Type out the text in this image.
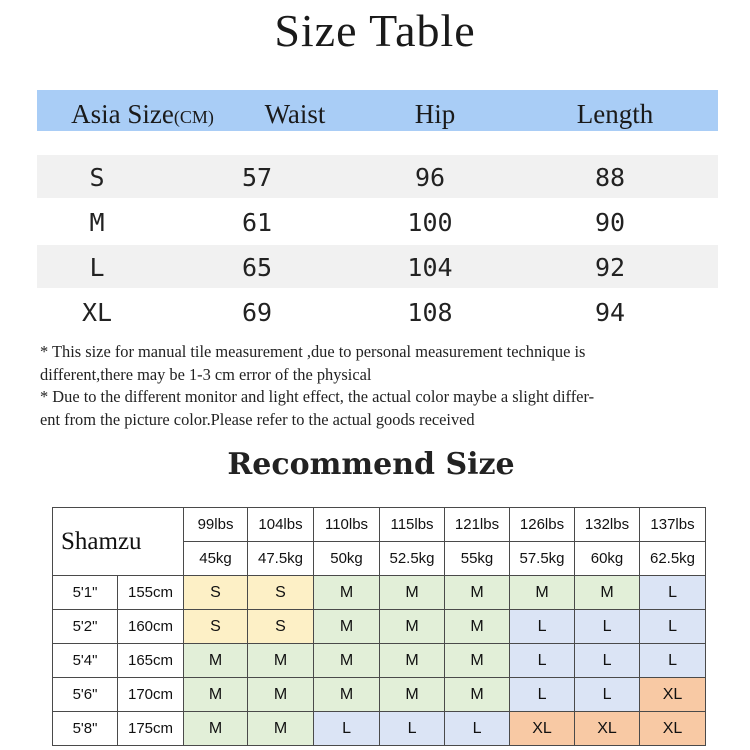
Size Table
Asia Size(CM)	Waist	Hip	Length
S	57	96	88
M	61	100	90
L	65	104	92
XL	69	108	94
* This size for manual tile measurement ,due to personal measurement technique is
different,there may be 1-3 cm error of the physical
* Due to the different monitor and light effect, the actual color maybe a slight differ-
ent from the picture color.Please refer to the actual goods received
Recommend Size
Shamzu		99lbs	104lbs	110lbs	115lbs	121lbs	126lbs	132lbs	137lbs
		45kg	47.5kg	50kg	52.5kg	55kg	57.5kg	60kg	62.5kg
5'1"	155cm	S	S	M	M	M	M	M	L
5'2"	160cm	S	S	M	M	M	L	L	L
5'4"	165cm	M	M	M	M	M	L	L	L
5'6"	170cm	M	M	M	M	M	L	L	XL
5'8"	175cm	M	M	L	L	L	XL	XL	XL
